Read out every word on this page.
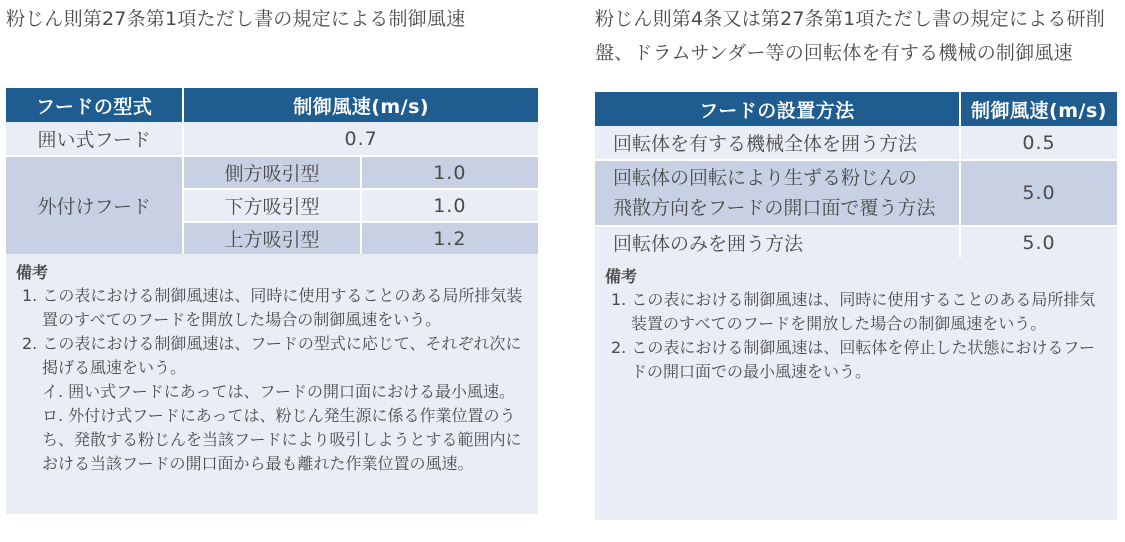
粉じん則第27条第1項ただし書の規定による制御風速

フードの型式	制御風速(m/s)	
囲い式フード	0.7	
外付けフード	側方吸引型	1.0
	下方吸引型	1.0
	上方吸引型	1.2
備考
1. この表における制御風速は、同時に使用することのある局所排気装置のすべてのフードを開放した場合の制御風速をいう。
2. この表における制御風速は、フードの型式に応じて、それぞれ次に掲げる風速をいう。
イ. 囲い式フードにあっては、フードの開口面における最小風速。
ロ. 外付け式フードにあっては、粉じん発生源に係る作業位置のうち、発散する粉じんを当該フードにより吸引しようとする範囲内における当該フードの開口面から最も離れた作業位置の風速。

粉じん則第4条又は第27条第1項ただし書の規定による研削

盤、ドラムサンダー等の回転体を有する機械の制御風速

フードの設置方法	制御風速(m/s)
回転体を有する機械全体を囲う方法	0.5

回転体の回転により生ずる粉じんの
飛散方向をフードの開口面で覆う方法	5.0
回転体のみを囲う方法	5.0
備考
1. この表における制御風速は、同時に使用することのある局所排気装置のすべてのフードを開放した場合の制御風速をいう。
2. この表における制御風速は、回転体を停止した状態におけるフードの開口面での最小風速をいう。
